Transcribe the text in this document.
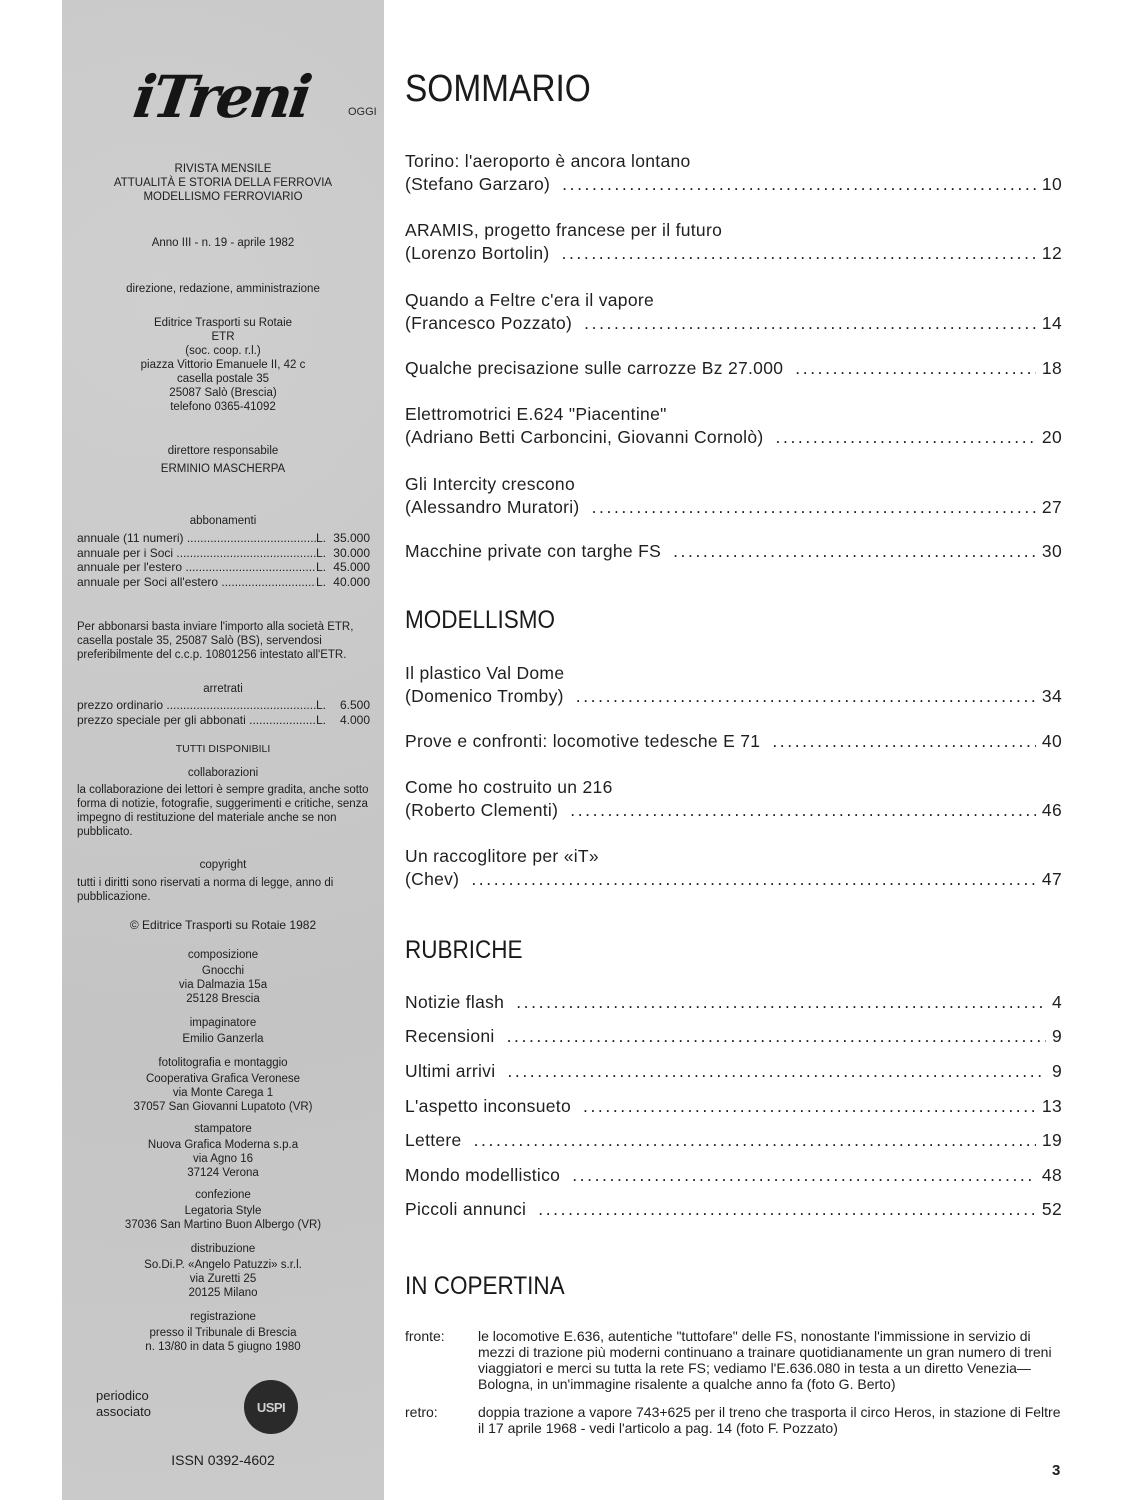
iTreni	OGGI
RIVISTA MENSILE
ATTUALITÀ E STORIA DELLA FERROVIA
MODELLISMO FERROVIARIO
Anno III - n. 19 - aprile 1982
direzione, redazione, amministrazione
Editrice Trasporti su Rotaie
ETR
(soc. coop. r.l.)
piazza Vittorio Emanuele II, 42 c
casella postale 35
25087 Salò (Brescia)
telefono 0365-41092
direttore responsabile
ERMINIO MASCHERPA
abbonamenti
annuale (11 numeri) .....	L. 35.000
annuale per i Soci .....	L. 30.000
annuale per l'estero .....	L. 45.000
annuale per Soci all'estero .....	L. 40.000
Per abbonarsi basta inviare l'importo alla società ETR, casella postale 35, 25087 Salò (BS), servendosi preferibilmente del c.c.p. 10801256 intestato all'ETR.
arretrati
prezzo ordinario .....	L.	6.500
prezzo speciale per gli abbonati .....	L.	4.000
TUTTI DISPONIBILI
collaborazioni
la collaborazione dei lettori è sempre gradita, anche sotto forma di notizie, fotografie, suggerimenti e critiche, senza impegno di restituzione del materiale anche se non pubblicato.
copyright
tutti i diritti sono riservati a norma di legge, anno di pubblicazione.
© Editrice Trasporti su Rotaie 1982
composizione
Gnocchi
via Dalmazia 15a
25128 Brescia
impaginatore
Emilio Ganzerla
fotolitografia e montaggio
Cooperativa Grafica Veronese
via Monte Carega 1
37057 San Giovanni Lupatoto (VR)
stampatore
Nuova Grafica Moderna s.p.a
via Agno 16
37124 Verona
confezione
Legatoria Style
37036 San Martino Buon Albergo (VR)
distribuzione
So.Di.P. «Angelo Patuzzi» s.r.l.
via Zuretti 25
20125 Milano
registrazione
presso il Tribunale di Brescia
n. 13/80 in data 5 giugno 1980
ISSN 0392-4602
periodico
associato	USPI
SOMMARIO
Torino: l'aeroporto è ancora lontano
(Stefano Garzaro) .....	10
ARAMIS, progetto francese per il futuro
(Lorenzo Bortolin) .....	12
Quando a Feltre c'era il vapore
(Francesco Pozzato) .....	14
Qualche precisazione sulle carrozze Bz 27.000 .....	18
Elettromotrici E.624 "Piacentine"
(Adriano Betti Carboncini, Giovanni Cornolò) .....	20
Gli Intercity crescono
(Alessandro Muratori) .....	27
Macchine private con targhe FS .....	30
MODELLISMO
Il plastico Val Dome
(Domenico Tromby) .....	34
Prove e confronti: locomotive tedesche E 71 .....	40
Come ho costruito un 216
(Roberto Clementi) .....	46
Un raccoglitore per «iT»
(Chev) .....	47
RUBRICHE
Notizie flash .....	4
Recensioni .....	9
Ultimi arrivi .....	9
L'aspetto inconsueto .....	13
Lettere .....	19
Mondo modellistico .....	48
Piccoli annunci .....	52
IN COPERTINA
fronte:	le locomotive E.636, autentiche "tuttofare" delle FS, nonostante l'immissione in servizio di mezzi di trazione più moderni continuano a trainare quotidianamente un gran numero di treni viaggiatori e merci su tutta la rete FS; vediamo l'E.636.080 in testa a un diretto Venezia—Bologna, in un'immagine risalente a qualche anno fa (foto G. Berto)
retro:	doppia trazione a vapore 743+625 per il treno che trasporta il circo Heros, in stazione di Feltre il 17 aprile 1968 - vedi l'articolo a pag. 14 (foto F. Pozzato)
3
